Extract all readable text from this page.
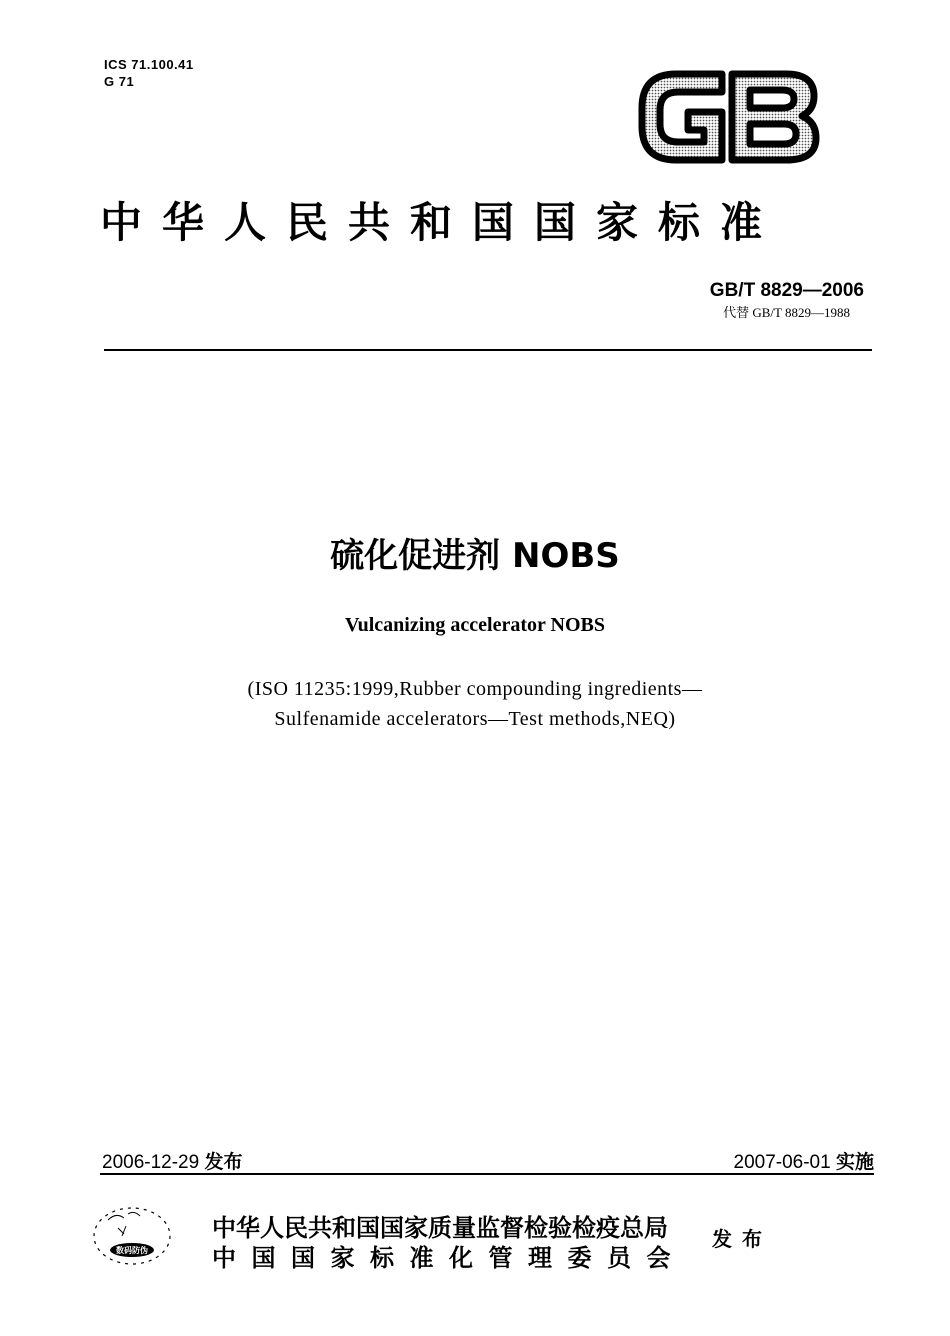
ICS 71.100.41
G 71
中华人民共和国国家标准
GB/T 8829—2006
代替 GB/T 8829—1988
硫化促进剂 NOBS
Vulcanizing accelerator NOBS
(ISO 11235:1999,Rubber compounding ingredients—
Sulfenamide accelerators—Test methods,NEQ)
2006-12-29 发布	2007-06-01 实施
数码防伪
中华人民共和国国家质量监督检验检疫总局
中国国家标准化管理委员会
发布
